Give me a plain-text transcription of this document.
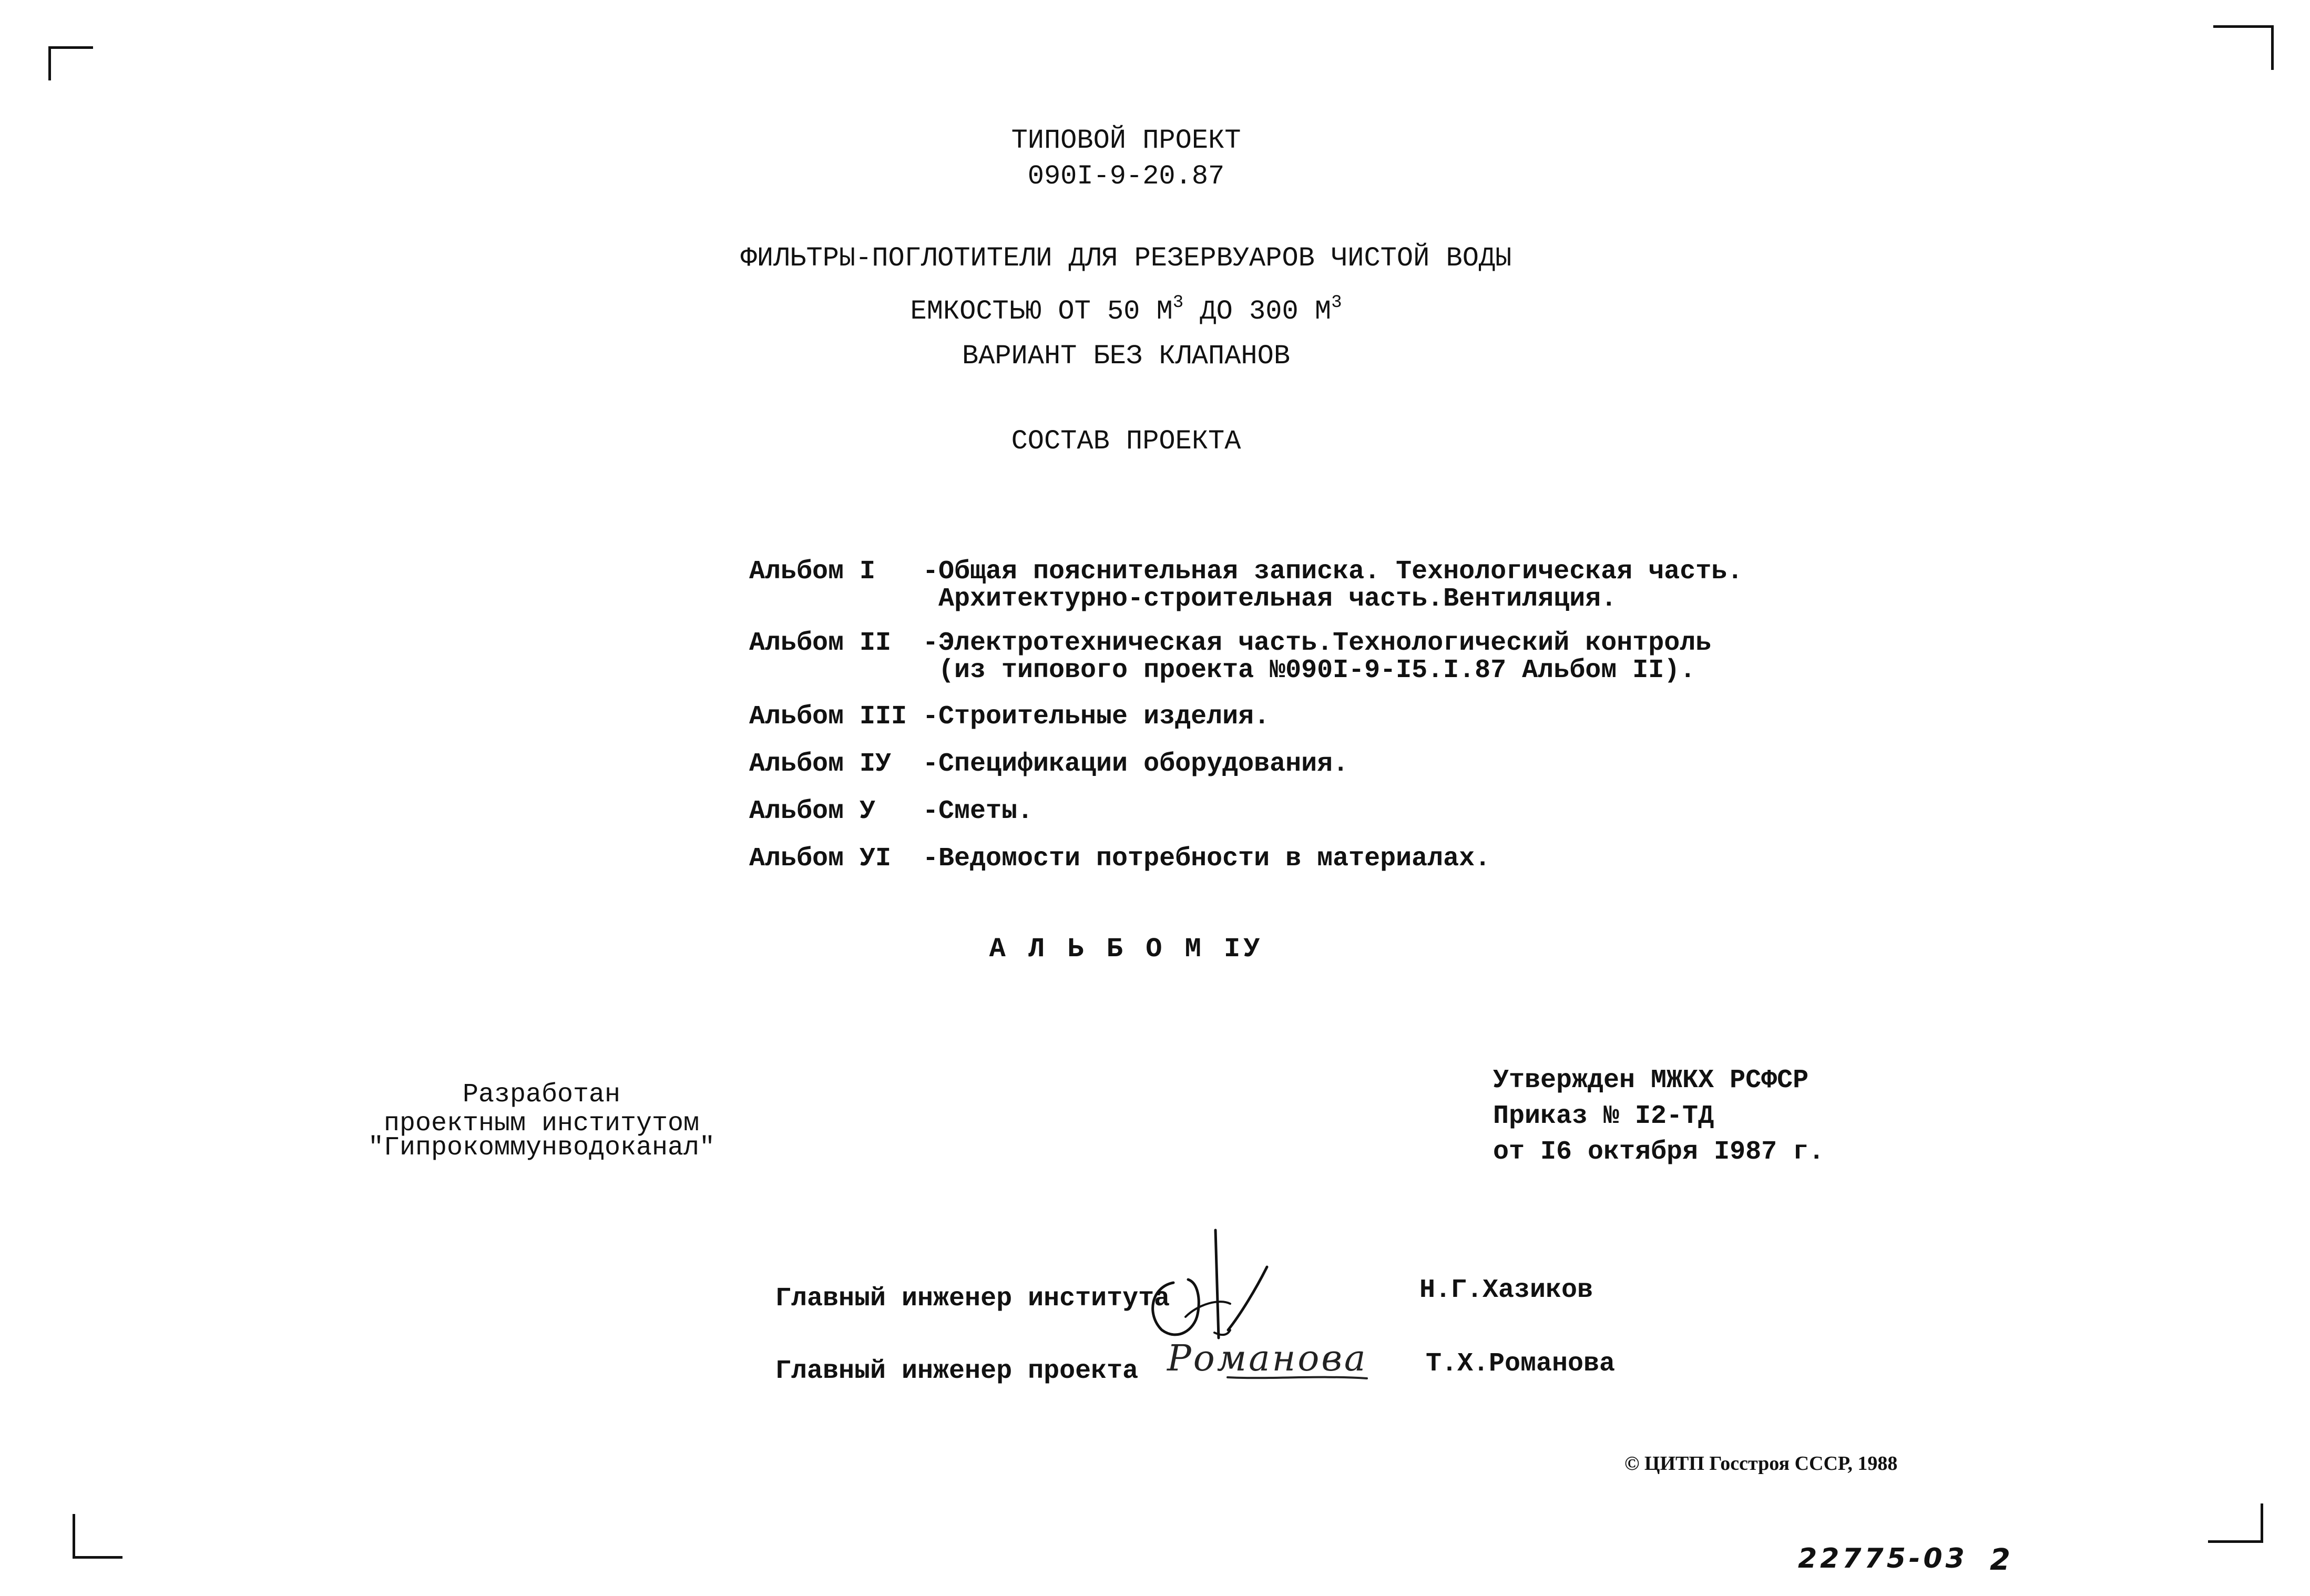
ТИПОВОЙ ПРОЕКТ
090I-9-20.87
ФИЛЬТРЫ-ПОГЛОТИТЕЛИ ДЛЯ РЕЗЕРВУАРОВ ЧИСТОЙ ВОДЫ
ЕМКОСТЬЮ ОТ 50 $М^3$ ДО 300 $М^3$
ВАРИАНТ БЕЗ КЛАПАНОВ
СОСТАВ ПРОЕКТА
Альбом I - Общая пояснительная записка. Технологическая часть.
Архитектурно-строительная часть.Вентиляция.
Альбом II - Электротехническая часть.Технологический контроль
(из типового проекта №090I-9-I5.I.87 Альбом II).
Альбом III - Строительные изделия.
Альбом IУ - Спецификации оборудования.
Альбом У - Сметы.
Альбом УI - Ведомости потребности в материалах.
А Л Ь Б О М IУ
Разработан
проектным институтом
"Гипрокоммунводоканал"
Утвержден МЖКХ РСФСР
Приказ № I2-ТД
от I6 октября I987 г.
Главный инженер института	Н.Г.Хазиков
Главный инженер проекта Романова Т.Х.Романова
© ЦИТП Госстроя СССР, 1988
22775-03 2
